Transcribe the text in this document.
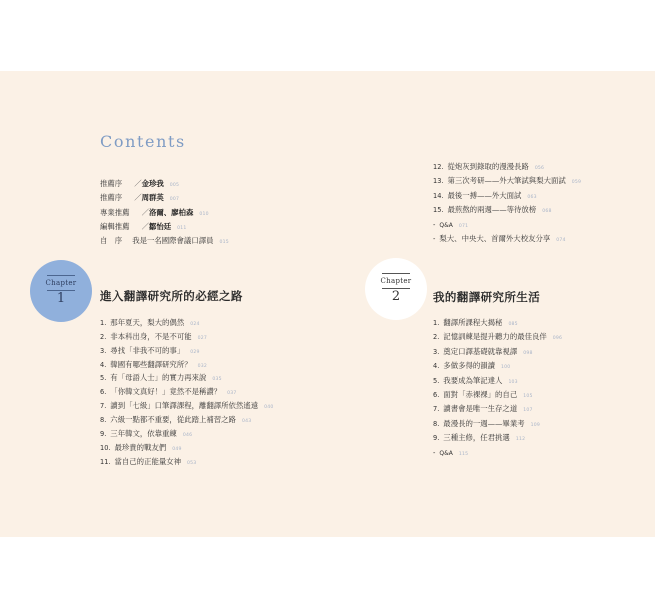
Contents
推薦序 ／金珍我 005
推薦序 ／周群英 007
專業推薦 ／洛爾、廖柏森 010
編輯推薦 ／鄒怡廷 011
自　序 我是一名國際會議口譯員 015
Chapter
1	進入翻譯研究所的必經之路
Chapter
2	我的翻譯研究所生活
1. 那年夏天，梨大的偶然 024
2. 非本科出身，不是不可能 027
3. 尋找「非我不可的事」 029
4. 韓國有哪些翻譯研究所？ 032
5. 有「母語人士」的實力再來說 035
6. 「你韓文真好！」竟然不是稱讚？ 037
7. 讀到「七級」口筆譯課程，離翻譯所依然遙遠 040
8. 六級一點都不重要，從此踏上補習之路 043
9. 三年韓文，依靠重練 046
10. 最珍貴的戰友們 049
11. 當自己的正能量女神 053
12. 從炮灰到錄取的漫漫長路 056
13. 第三次考研——外大筆試與梨大面試 059
14. 最後一搏——外大面試 063
15. 最煎熬的兩週——等待放榜 068
- Q&A 071
- 梨大、中央大、首爾外大校友分享 074
1. 翻譯所課程大揭秘 085
2. 記憶訓練是提升聽力的最佳良伴 096
3. 奠定口譯基礎就靠視譯 098
4. 多做多得的韻讀 100
5. 我要成為筆記達人 103
6. 面對「赤裸裸」的自己 105
7. 讀書會是唯一生存之道 107
8. 最漫長的一週——畢業考 109
9. 三種主修，任君挑選 112
- Q&A 115
